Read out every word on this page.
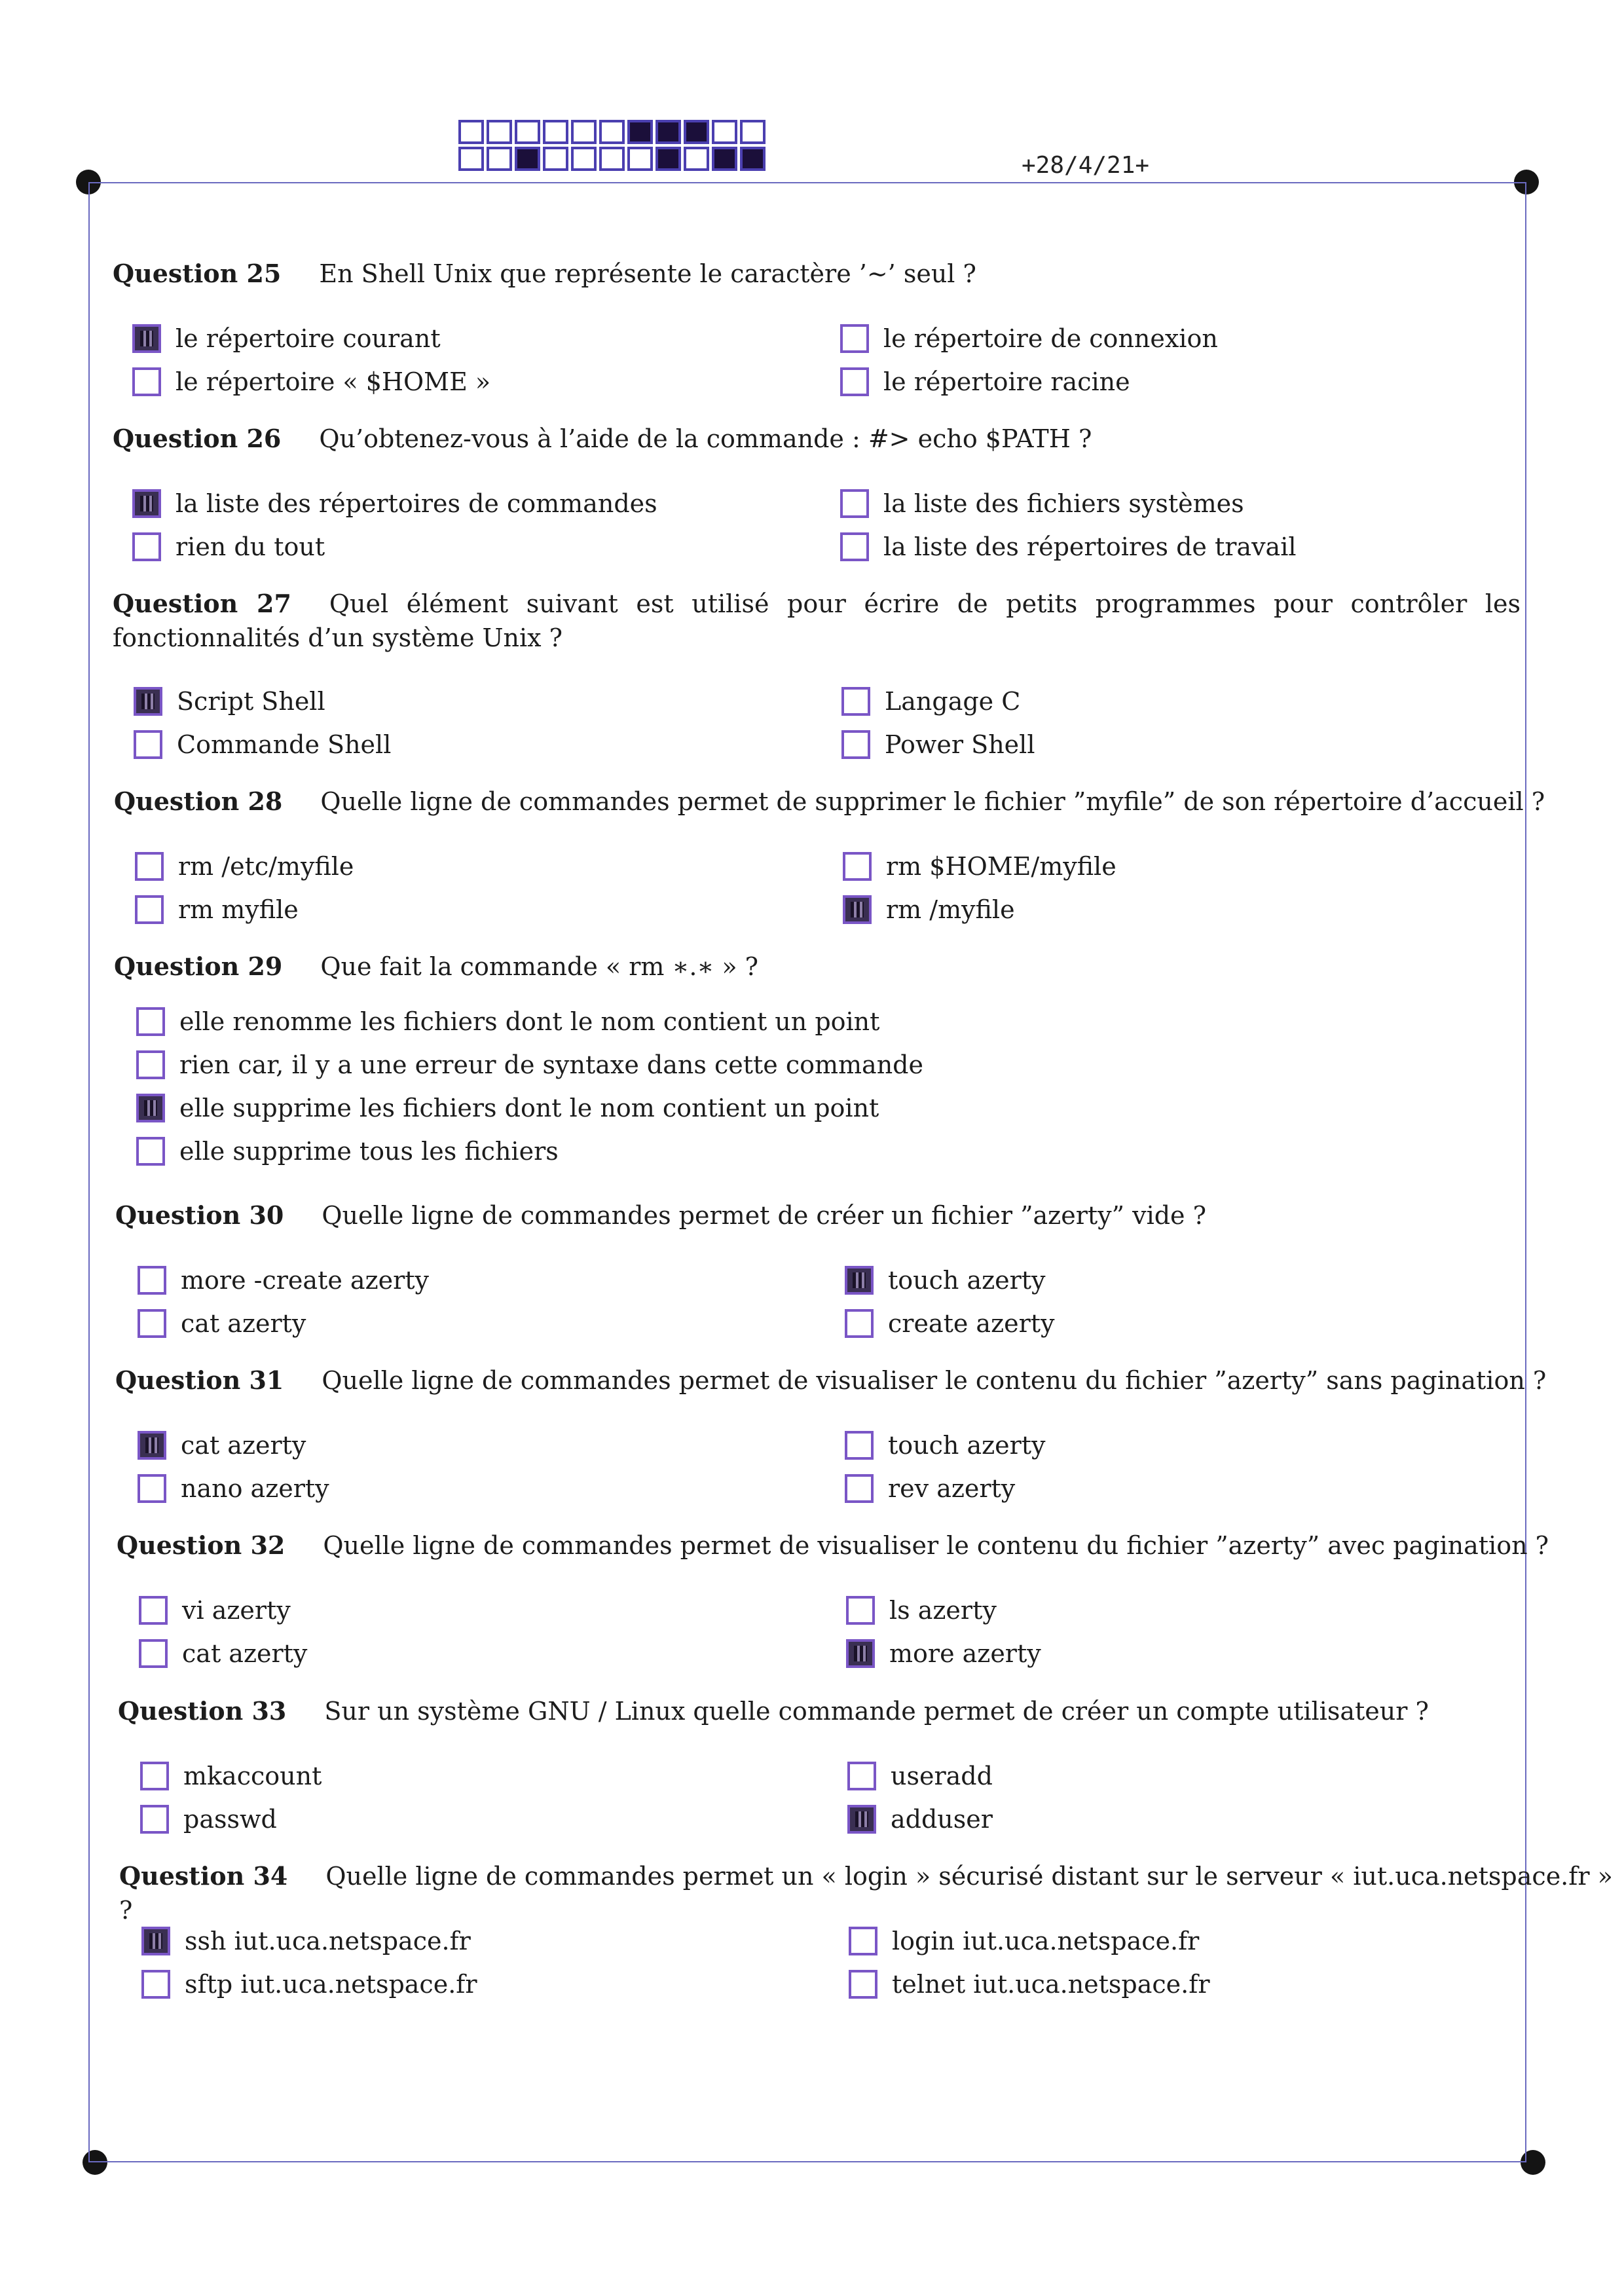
+28/4/21+
Question 25 En Shell Unix que représente le caractère ’∼’ seul ?
le répertoire courant	le répertoire de connexion
le répertoire « $HOME »	le répertoire racine
Question 26 Qu’obtenez-vous à l’aide de la commande : #> echo $PATH ?
la liste des répertoires de commandes	la liste des fichiers systèmes
rien du tout	la liste des répertoires de travail
Question 27 Quel élément suivant est utilisé pour écrire de petits programmes pour contrôler les fonctionnalités d’un système Unix ?
Script Shell	Langage C
Commande Shell	Power Shell
Question 28 Quelle ligne de commandes permet de supprimer le fichier ”myfile” de son répertoire d’accueil ?
rm /etc/myfile	rm $HOME/myfile
rm myfile	rm /myfile
Question 29 Que fait la commande « rm ∗.∗ » ?
elle renomme les fichiers dont le nom contient un point
rien car, il y a une erreur de syntaxe dans cette commande
elle supprime les fichiers dont le nom contient un point
elle supprime tous les fichiers
Question 30 Quelle ligne de commandes permet de créer un fichier ”azerty” vide ?
more -create azerty	touch azerty
cat azerty	create azerty
Question 31 Quelle ligne de commandes permet de visualiser le contenu du fichier ”azerty” sans pagination ?
cat azerty	touch azerty
nano azerty	rev azerty
Question 32 Quelle ligne de commandes permet de visualiser le contenu du fichier ”azerty” avec pagination ?
vi azerty	ls azerty
cat azerty	more azerty
Question 33 Sur un système GNU / Linux quelle commande permet de créer un compte utilisateur ?
mkaccount	useradd
passwd	adduser
Question 34 Quelle ligne de commandes permet un « login » sécurisé distant sur le serveur « iut.uca.netspace.fr » ?
ssh iut.uca.netspace.fr	login iut.uca.netspace.fr
sftp iut.uca.netspace.fr	telnet iut.uca.netspace.fr
